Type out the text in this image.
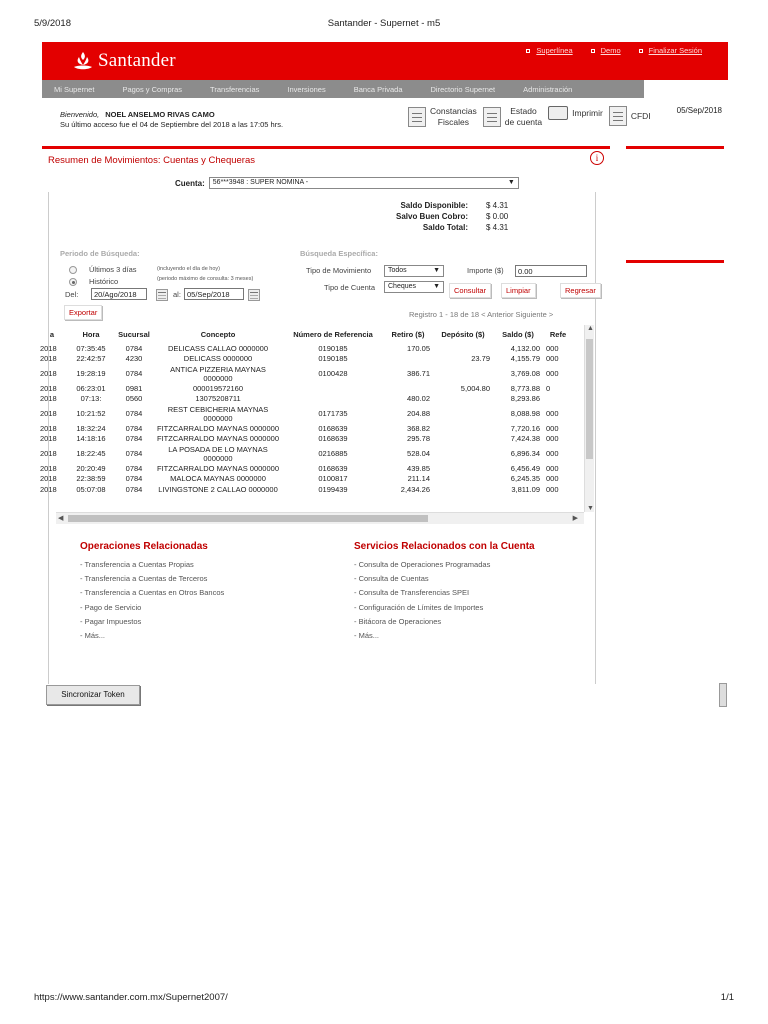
5/9/2018	Santander - Supernet - m5
Santander	Superlínea	Demo	Finalizar Sesión
Mi Supernet	Pagos y Compras	Transferencias	Inversiones	Banca Privada	Directorio Supernet	Administración
Bienvenido, NOEL ANSELMO RIVAS CAMO
Su último acceso fue el 04 de Septiembre del 2018 a las 17:05 hrs.
Constancias
Fiscales
Estado
de cuenta
Imprimir	CFDI
05/Sep/2018
Resumen de Movimientos: Cuentas y Chequeras	i
Cuenta:	56***3948 : SUPER NOMINA -	▼
Saldo Disponible: $ 4.31
Salvo Buen Cobro: $ 0.00
Saldo Total: $ 4.31
Periodo de Búsqueda:	Búsqueda Específica:
Últimos 3 días	(incluyendo el día de hoy)
Histórico	(periodo máximo de consulta: 3 meses)
Del:	20/Ago/2018	al: 05/Sep/2018
Tipo de Movimiento	Todos	▼	Importe ($)	0.00
Tipo de Cuenta	Cheques ▼	Consultar	Limpiar	Regresar
Exportar	Registro 1 - 18 de 18 < Anterior Siguiente >
a	Hora	Sucursal	Concepto	Número de Referencia	Retiro ($)	Depósito ($)	Saldo ($)	Refe
2018	07:35:45	0784	DELICASS CALLAO 0000000	0190185	170.05		4,132.00	000
2018	22:42:57	4230	DELICASS 0000000	0190185		23.79	4,155.79	000
2018	19:28:19	0784	ANTICA PIZZERIA MAYNAS 0000000	0100428	386.71		3,769.08	000
2018	06:23:01	0981	000019572160			5,004.80	8,773.88	0
2018	07:13:	0560	13075208711		480.02		8,293.86	
2018	10:21:52	0784	REST CEBICHERIA MAYNAS 0000000	0171735	204.88		8,088.98	000
2018	18:32:24	0784	FITZCARRALDO MAYNAS 0000000	0168639	368.82		7,720.16	000
2018	14:18:16	0784	FITZCARRALDO MAYNAS 0000000	0168639	295.78		7,424.38	000
2018	18:22:45	0784	LA POSADA DE LO MAYNAS 0000000	0216885	528.04		6,896.34	000
2018	20:20:49	0784	FITZCARRALDO MAYNAS 0000000	0168639	439.85		6,456.49	000
2018	22:38:59	0784	MALOCA MAYNAS 0000000	0100817	211.14		6,245.35	000
2018	05:07:08	0784	LIVINGSTONE 2 CALLAO 0000000	0199439	2,434.26		3,811.09	000
▲
▼
◀	▶
Operaciones Relacionadas
- Transferencia a Cuentas Propias
- Transferencia a Cuentas de Terceros
- Transferencia a Cuentas en Otros Bancos
- Pago de Servicio
- Pagar Impuestos
- Más...
Servicios Relacionados con la Cuenta
- Consulta de Operaciones Programadas
- Consulta de Cuentas
- Consulta de Transferencias SPEI
- Configuración de Límites de Importes
- Bitácora de Operaciones
- Más...
Sincronizar Token
https://www.santander.com.mx/Supernet2007/	1/1
